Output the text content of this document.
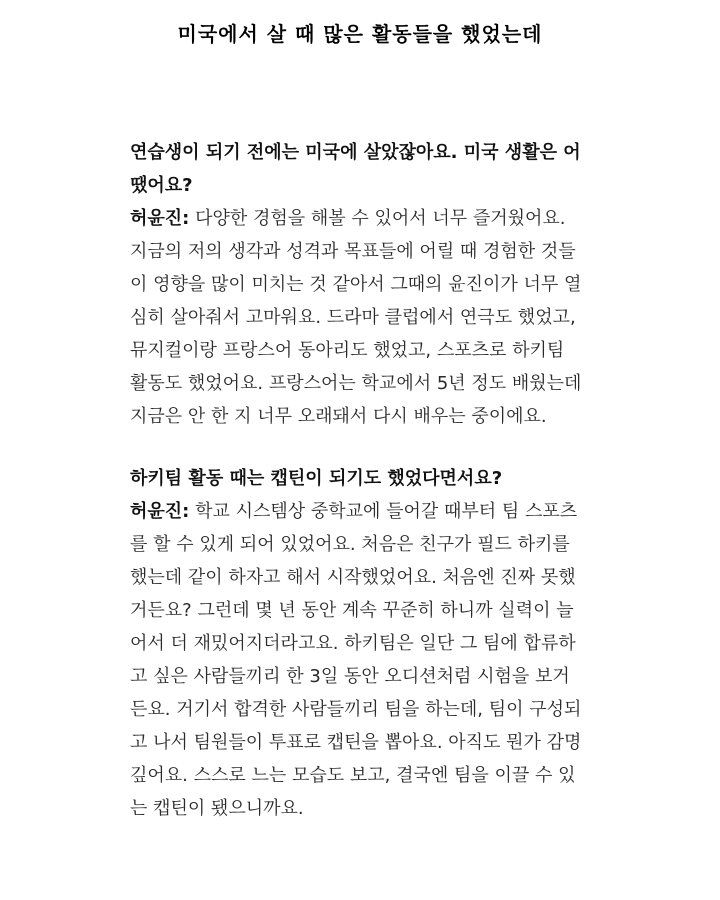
미국에서 살 때 많은 활동들을 했었는데
연습생이 되기 전에는 미국에 살았잖아요. 미국 생활은 어
땠어요?
허윤진: 다양한 경험을 해볼 수 있어서 너무 즐거웠어요.
지금의 저의 생각과 성격과 목표들에 어릴 때 경험한 것들
이 영향을 많이 미치는 것 같아서 그때의 윤진이가 너무 열
심히 살아줘서 고마워요. 드라마 클럽에서 연극도 했었고,
뮤지컬이랑 프랑스어 동아리도 했었고, 스포츠로 하키팀
활동도 했었어요. 프랑스어는 학교에서 5년 정도 배웠는데
지금은 안 한 지 너무 오래돼서 다시 배우는 중이에요.
하키팀 활동 때는 캡틴이 되기도 했었다면서요?
허윤진: 학교 시스템상 중학교에 들어갈 때부터 팀 스포츠
를 할 수 있게 되어 있었어요. 처음은 친구가 필드 하키를
했는데 같이 하자고 해서 시작했었어요. 처음엔 진짜 못했
거든요? 그런데 몇 년 동안 계속 꾸준히 하니까 실력이 늘
어서 더 재밌어지더라고요. 하키팀은 일단 그 팀에 합류하
고 싶은 사람들끼리 한 3일 동안 오디션처럼 시험을 보거
든요. 거기서 합격한 사람들끼리 팀을 하는데, 팀이 구성되
고 나서 팀원들이 투표로 캡틴을 뽑아요. 아직도 뭔가 감명
깊어요. 스스로 느는 모습도 보고, 결국엔 팀을 이끌 수 있
는 캡틴이 됐으니까요.
